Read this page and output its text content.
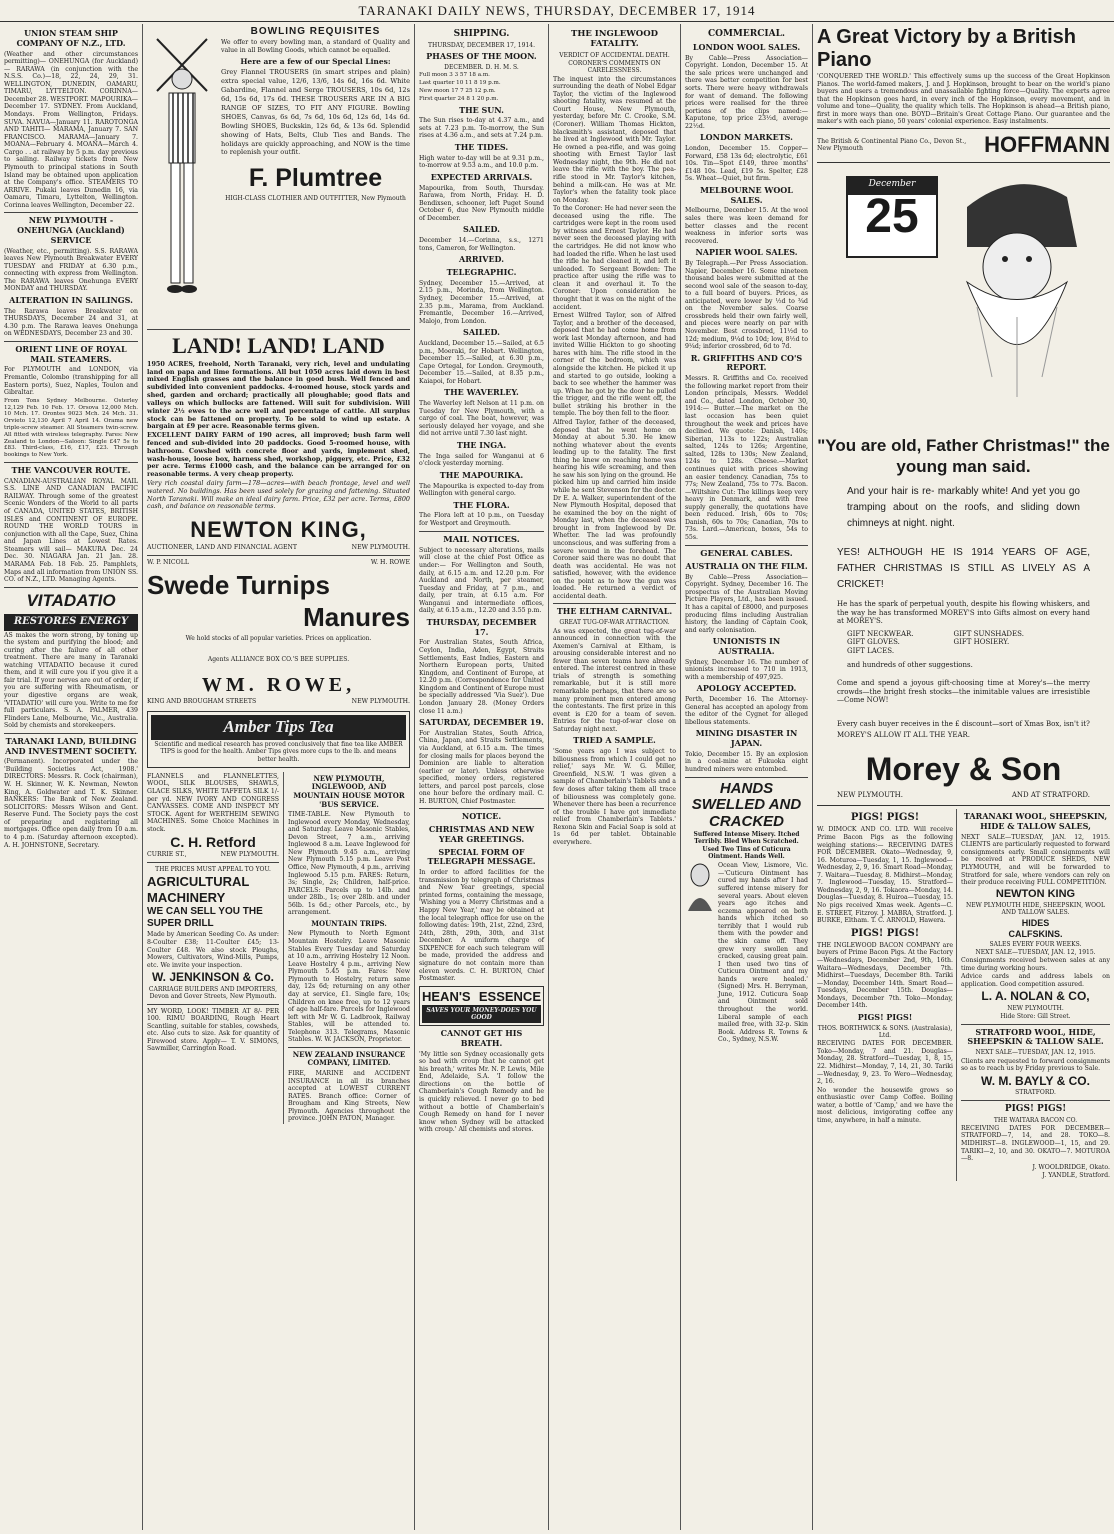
TARANAKI DAILY NEWS, THURSDAY, DECEMBER 17, 1914
UNION STEAM SHIP COMPANY OF N.Z., LTD.
(Weather and other circumstances permitting)— ONEHUNGA (for Auckland)— RARAWA (in conjunction with the N.S.S. Co.)—18, 22, 24, 29, 31. WELLINGTON, DUNEDIN, OAMARU, TIMARU, LYTTELTON. CORINNA—December 28. WESTPORT. MAPOURIKA—December 17. SYDNEY. From Auckland, Mondays. From Wellington, Fridays. SUVA. NAVUA—January 11. RAROTONGA AND TAHITI— MARAMA, January 7. SAN FRANCISCO. MARAMA—January 7. MOANA—February 4. MOANA—March 4. Cargo . . at railway by 5 p.m. day previous to sailing. Railway tickets from New Plymouth to principal stations in South Island may be obtained upon application at the Company's office. STEAMERS TO ARRIVE. Pukaki leaves Dunedin 16, via Oamaru, Timaru, Lyttelton, Wellington. Corinna leaves Wellington, December 22.
NEW PLYMOUTH - ONEHUNGA (Auckland) SERVICE
(Weather, etc., permitting). S.S. RARAWA leaves New Plymouth Breakwater EVERY TUESDAY and FRIDAY at 6.30 p.m., connecting with express from Wellington. The RARAWA leaves Onehunga EVERY MONDAY and THURSDAY.
ALTERATION IN SAILINGS.
The Rarawa leaves Breakwater on THURSDAYS, December 24 and 31, at 4.30 p.m. The Rarawa leaves Onehunga on WEDNESDAYS, December 23 and 30.
ORIENT LINE OF ROYAL MAIL STEAMERS.
For PLYMOUTH and LONDON, via Fremantle, Colombo (transhipping for all Eastern ports), Suez, Naples, Toulon and Gibraltar.
From Tons Sydney Melbourne. Osterley 12,129 Feb. 10 Feb. 17. Orsova 12,000 Mch. 10 Mch. 17. Orontes 9023 Mch. 24 Mch. 31. Orvieto 12,130 April 7 April 14. Orama new triple-screw steamer. All Steamers twin-screw. All fitted with wireless telegraphy. Fares: New Zealand to London—Saloon: Single £47 5s to £83. Third-class, £16, £17, £23. Through bookings to New York.
THE VANCOUVER ROUTE.
CANADIAN-AUSTRALIAN ROYAL MAIL S.S. LINE AND CANADIAN PACIFIC RAILWAY. Through some of the greatest Scenic Wonders of the World to all parts of CANADA, UNITED STATES, BRITISH ISLES and CONTINENT OF EUROPE. ROUND THE WORLD TOURS in conjunction with all the Cape, Suez, China and Japan Lines at Lowest Rates. Steamers will sail— MAKURA Dec. 24 Dec. 30. NIAGARA Jan. 21 Jan. 28. MARAMA Feb. 18 Feb. 25. Pamphlets, Maps and all information from UNION SS. CO. of N.Z., LTD. Managing Agents.
VITADATIO
RESTORES ENERGY
AS makes the worn strong, by toning up the system and purifying the blood; and curing after the failure of all other treatment. There are many in Taranaki watching VITADATIO because it cured them, and it will cure you if you give it a fair trial. If your nerves are out of order, if you are suffering with Rheumatism, or your digestive organs are weak, 'VITADATIO' will cure you. Write to me for full particulars. S. A. PALMER, 439 Flinders Lane, Melbourne, Vic., Australia. Sold by chemists and storekeepers.
TARANAKI LAND, BUILDING AND INVESTMENT SOCIETY.
(Permanent). Incorporated under the 'Building Societies Act, 1908.' DIRECTORS: Messrs. R. Cock (chairman), W. H. Skinner, W. K. Newman, Newton King, A. Goldwater and T. K. Skinner. BANKERS: The Bank of New Zealand. SOLICITORS: Messrs Wilson and Gent. Reserve Fund. The Society pays the cost of preparing and registering all mortgages. Office open daily from 10 a.m. to 4 p.m. (Saturday afternoon excepted). A. H. JOHNSTONE, Secretary.
BOWLING REQUISITES
We offer to every bowling man, a standard of Quality and value in all Bowling Goods, which cannot be equalled.
Here are a few of our Special Lines:
Grey Flannel TROUSERS (in smart stripes and plain) extra special value, 12/6, 13/6, 14s 6d, 16s 6d. White Gabardine, Flannel and Serge TROUSERS, 10s 6d, 12s 6d, 15s 6d, 17s 6d. THESE TROUSERS ARE IN A BIG RANGE OF SIZES, TO FIT ANY FIGURE. Bowling SHOES, Canvas, 6s 6d, 7s 6d, 10s 6d, 12s 6d, 14s 6d. Bowling SHOES, Buckskin, 12s 6d, & 13s 6d. Splendid showing of Hats, Belts, Club Ties and Bands. The holidays are quickly approaching, and NOW is the time to replenish your outfit.
F. Plumtree
HIGH-CLASS CLOTHIER AND OUTFITTER, New Plymouth
LAND! LAND! LAND
1950 ACRES, freehold, North Taranaki, very rich, level and undulating land on papa and lime formations. All but 1050 acres laid down in best mixed English grasses and the balance in good bush. Well fenced and subdivided into convenient paddocks. 4-roomed house, stock yards and shed, garden and orchard; practically all ploughable; good flats and valleys on which bullocks are fattened. Will suit for subdivision. Will winter 2½ ewes to the acre well and percentage of cattle. All surplus stock can be fattened on property. To be sold to wind up estate. A bargain at £9 per acre. Reasonable terms given.
EXCELLENT DAIRY FARM of 190 acres, all improved; bush farm well fenced and sub-divided into 20 paddocks. Good 5-roomed house, with bathroom. Cowshed with concrete floor and yards, implement shed, wash-house, loose box, harness shed, workshop, piggery, etc. Price, £32 per acre. Terms £1000 cash, and the balance can be arranged for on reasonable terms. A very cheap property.
Very rich coastal dairy farm—178—acres—with beach frontage, level and well watered. No buildings. Has been used solely for grazing and fattening. Situated North Taranaki. Will make an ideal dairy farm. Price, £32 per acre. Terms, £800 cash, and balance on reasonable terms.
NEWTON KING,
AUCTIONEER, LAND AND FINANCIAL AGENT	NEW PLYMOUTH.
W. P. NICOLL	W. H. ROWE
Swede Turnips
Manures
We hold stocks of all popular varieties. Prices on application.
Agents ALLIANCE BOX CO.'S BEE SUPPLIES.
WM. ROWE,
KING AND BROUGHAM STREETS	NEW PLYMOUTH.
Amber Tips Tea
Scientific and medical research has proved conclusively that fine tea like AMBER TIPS is good for the health. Amber Tips gives more cups to the lb. and means better health.
FLANNELS and FLANNELETTES, WOOL, SILK BLOUSES, SHAWLS, GLACE SILKS, WHITE TAFFETA SILK 1/- per yd. NEW IVORY AND CONGRESS CANVASSES. COME AND INSPECT MY STOCK. Agent for WERTHEIM SEWING MACHINES. Some Choice Machines in stock.
C. H. Retford
CURRIE ST.,	NEW PLYMOUTH.
THE PRICES MUST APPEAL TO YOU.
AGRICULTURAL MACHINERY
WE CAN SELL YOU THE SUPER DRILL
Made by American Seeding Co. As under: 8-Coulter £38; 11-Coulter £45; 13-Coulter £48. We also stock Ploughs, Mowers, Cultivators, Wind-Mills, Pumps, etc. We invite your inspection.
W. JENKINSON & Co.
CARRIAGE BUILDERS AND IMPORTERS, Devon and Gover Streets, New Plymouth.
MY WORD, LOOK! TIMBER AT 8/- PER 100. RIMU BOARDING, Rough Heart Scantling, suitable for stables, cowsheds, etc. Also cuts to size. Ask for quantity of Firewood store. Apply— T. V. SIMONS, Sawmiller, Carrington Road.
NEW PLYMOUTH, INGLEWOOD, AND MOUNTAIN HOUSE MOTOR 'BUS SERVICE.
TIME-TABLE. New Plymouth to Inglewood every Monday, Wednesday, and Saturday. Leave Masonic Stables, Devon Street, 7 a.m., arriving Inglewood 8 a.m. Leave Inglewood for New Plymouth 9.45 a.m., arriving New Plymouth 5.15 p.m. Leave Post Office, New Plymouth, 4 p.m., arriving Inglewood 5.15 p.m. FARES: Return, 3s; Single, 2s; Children, half-price. PARCELS: Parcels up to 14lb. and under 28lb., 1s; over 28lb. and under 56lb. 1s 6d.; other Parcels, etc., by arrangement.
MOUNTAIN TRIPS.
New Plymouth to North Egmont Mountain Hostelry. Leave Masonic Stables Every Tuesday and Saturday at 10 a.m., arriving Hostelry 12 Noon. Leave Hostelry 4 p.m., arriving New Plymouth 5.45 p.m. Fares: New Plymouth to Hostelry, return same day, 12s 6d; returning on any other day at service, £1. Single fare, 10s; Children on knee free, up to 12 years of age half-fare. Parcels for Inglewood left with Mr W. G. Ladbrook, Railway Stables, will be attended to. Telephone 313. Telegrams, Masonic Stables. W. W. JACKSON, Proprietor.
NEW ZEALAND INSURANCE COMPANY, LIMITED.
FIRE, MARINE and ACCIDENT INSURANCE in all its branches accepted at LOWEST CURRENT RATES. Branch office: Corner of Brougham and King Streets, New Plymouth. Agencies throughout the province. JOHN PATON, Manager.
SHIPPING.
THURSDAY, DECEMBER 17, 1914.
PHASES OF THE MOON.
DECEMBER. D. H. M. S.
Full moon 3 3 57 18 a.m.
Last quarter 10 11 8 19 p.m.
New moon 17 7 25 12 p.m.
First quarter 24 8 1 20 p.m.
THE SUN.
The Sun rises to-day at 4.37 a.m., and sets at 7.23 p.m. To-morrow, the Sun rises at 4.36 a.m., and sets at 7.24 p.m.
THE TIDES.
High water to-day will be at 9.31 p.m., to-morrow at 9.53 a.m., and 10.0 p.m.
EXPECTED ARRIVALS.
Mapourika, from South, Thursday. Rarawa, from North, Friday. H. D. Bendixsen, schooner, left Puget Sound October 6, due New Plymouth middle of December.
SAILED.
December 14.—Corinna, s.s., 1271 tons, Cameron, for Wellington.
ARRIVED.
TELEGRAPHIC.
Sydney, December 15.—Arrived, at 2.15 p.m., Morinda, from Wellington. Sydney, December 15.—Arrived, at 2.35 p.m., Marama, from Auckland. Fremantle, December 16.—Arrived, Malojo, from London.
SAILED.
Auckland, December 15.—Sailed, at 6.5 p.m., Moeraki, for Hobart. Wellington, December 15.—Sailed, at 6.30 p.m., Cape Ortegal, for London. Greymouth, December 15.—Sailed, at 8.35 p.m., Kaiapoi, for Hobart.
THE WAVERLEY.
The Waverley left Nelson at 11 p.m. on Tuesday for New Plymouth, with a cargo of coal. The boat, however, was seriously delayed her voyage, and she did not arrive until 7.30 last night.
THE INGA.
The Inga sailed for Wanganui at 6 o'clock yesterday morning.
THE MAPOURIKA.
The Mapourika is expected to-day from Wellington with general cargo.
THE FLORA.
The Flora left at 10 p.m., on Tuesday for Westport and Greymouth.
MAIL NOTICES.
Subject to necessary alterations, mails will close at the chief Post Office as under:— For Wellington and South, daily, at 6.15 a.m. and 12.20 p.m. For Auckland and North, per steamer, Tuesday and Friday, at 7 p.m., and daily, per train, at 6.15 a.m. For Wanganui and intermediate offices, daily, at 6.15 a.m., 12.20 and 3.55 p.m.
THURSDAY, DECEMBER 17.
For Australian States, South Africa, Ceylon, India, Aden, Egypt, Straits Settlements, East Indies, Eastern and Northern European ports, United Kingdom, and Continent of Europe, at 12.20 p.m. (Correspondence for United Kingdom and Continent of Europe must be specially addressed 'Via Suez'). Due London January 28. (Money Orders close 11 a.m.)
SATURDAY, DECEMBER 19.
For Australian States, South Africa, China, Japan, and Straits Settlements, via Auckland, at 6.15 a.m. The times for closing mails for places beyond the Dominion are liable to alteration (earlier or later). Unless otherwise specified, money orders, registered letters, and parcel post parcels, close one hour before the ordinary mail. C. H. BURTON, Chief Postmaster.
NOTICE.
CHRISTMAS AND NEW YEAR GREETINGS.
SPECIAL FORM OF TELEGRAPH MESSAGE.
In order to afford facilities for the transmission by telegraph of Christmas and New Year greetings, special printed forms, containing the message, 'Wishing you a Merry Christmas and a Happy New Year,' may be obtained at the local telegraph office for use on the following dates: 19th, 21st, 22nd, 23rd, 24th, 28th, 29th, 30th, and 31st December. A uniform charge of SIXPENCE for each such telegram will be made, provided the address and signature do not contain more than eleven words. C. H. BURTON, Chief Postmaster.
HEAN'S ESSENCE
SAVES YOUR MONEY-DOES YOU GOOD
CANNOT GET HIS BREATH.
'My little son Sydney occasionally gets so bad with croup that he cannot get his breath,' writes Mr. N. P. Lewis, Mile End, Adelaide, S.A. 'I follow the directions on the bottle of Chamberlain's Cough Remedy and he is quickly relieved. I never go to bed without a bottle of Chamberlain's Cough Remedy on hand for I never know when Sydney will be attacked with croup.' All chemists and stores.
THE INGLEWOOD FATALITY.
VERDICT OF ACCIDENTAL DEATH.
CORONER'S COMMENTS ON CARELESSNESS.
The inquest into the circumstances surrounding the death of Nobel Edgar Taylor, the victim of the Inglewood shooting fatality, was resumed at the Court House, New Plymouth, yesterday, before Mr. C. Crooke, S.M. (Coroner). William Thomas Hickton, blacksmith's assistant, deposed that he lived at Inglewood with Mr. Taylor. He owned a pea-rifle, and was going shooting with Ernest Taylor last Wednesday night, the 9th. He did not leave the rifle with the boy. The pea-rifle stood in Mr. Taylor's kitchen, behind a milk-can. He was at Mr. Taylor's when the fatality took place on Monday.
To the Coroner: He had never seen the deceased using the rifle. The cartridges were kept in the room used by witness and Ernest Taylor. He had never seen the deceased playing with the cartridges. He did not know who had loaded the rifle. When he last used the rifle he had cleaned it, and left it unloaded. To Sergeant Bowden: The practice after using the rifle was to clean it and overhaul it. To the Coroner: Upon consideration he thought that it was on the night of the accident.
Ernest Wilfred Taylor, son of Alfred Taylor, and a brother of the deceased, deposed that he had come home from work last Monday afternoon, and had invited Willie Hickton to go shooting hares with him. The rifle stood in the corner of the bedroom, which was alongside the kitchen. He picked it up and started to go outside, looking a back to see whether the hammer was up. When he got by the door he pulled the trigger, and the rifle went off, the bullet striking his brother in the temple. The boy then fell to the floor.
Alfred Taylor, father of the deceased, deposed that he went home on Monday at about 5.30. He knew nothing whatever about the events leading up to the fatality. The first thing he knew on reaching home was hearing his wife screaming, and then he saw his son lying on the ground. He picked him up and carried him inside while he sent Stevenson for the doctor. Dr E. A. Walker, superintendent of the New Plymouth Hospital, deposed that he examined the boy on the night of Monday last, when the deceased was brought in from Inglewood by Dr. Whetter. The lad was profoundly unconscious, and was suffering from a severe wound in the forehead. The Coroner said there was no doubt that death was accidental. He was not satisfied, however, with the evidence on the point as to how the gun was loaded. He returned a verdict of accidental death.
THE ELTHAM CARNIVAL.
GREAT TUG-OF-WAR ATTRACTION.
As was expected, the great tug-of-war announced in connection with the Axemen's Carnival at Eltham, is arousing considerable interest and no fewer than seven teams have already entered. The interest centred in these trials of strength is something remarkable, but it is still more remarkable perhaps, that there are so many prominent men entered among the contestants. The first prize in this event is £20 for a team of seven. Entries for the tug-of-war close on Saturday night next.
TRIED A SAMPLE.
'Some years ago I was subject to biliousness from which I could get no relief,' says Mr. W. G. Miller, Greenfield, N.S.W. 'I was given a sample of Chamberlain's Tablets and a few doses after taking them all trace of biliousness was completely gone. Whenever there has been a recurrence of the trouble I have got immediate relief from Chamberlain's Tablets.' Rexona Skin and Facial Soap is sold at 1s 6d per tablet. Obtainable everywhere.
COMMERCIAL.
LONDON WOOL SALES.
By Cable—Press Association—Copyright. London, December 15. At the sale prices were unchanged and there was better competition for best sorts. There were heavy withdrawals for want of demand. The following prices were realised for the three portions of the clips named:— Kaputone, top price 23½d, average 22½d.
LONDON MARKETS.
London, December 15. Copper—Forward, £58 13s 6d; electrolytic, £61 10s. Tin—Spot £149, three months' £148 10s. Lead, £19 5s. Spelter, £28 5s. Wheat—Quiet, but firm.
MELBOURNE WOOL SALES.
Melbourne, December 15. At the wool sales there was keen demand for better classes and the recent weakness in inferior sorts was recovered.
NAPIER WOOL SALES.
By Telegraph.—Per Press Association. Napier, December 16. Some nineteen thousand bales were submitted at the second wool sale of the season to-day, to a full board of buyers. Prices, as anticipated, were lower by ½d to ¾d on the November sales. Coarse crossbreds held their own fairly well, and pieces were nearly on par with November. Best crossbred, 11½d to 12d; medium, 9¼d to 10d; low, 8½d to 9¼d; inferior crossbred, 6d to 7d.
R. GRIFFITHS AND CO'S REPORT.
Messrs. R. Griffiths and Co. received the following market report from their London principals, Messrs. Weddel and Co., dated London, October 30, 1914:— Butter.—The market on the last occasion has been quiet throughout the week and prices have declined. We quote: Danish, 140s; Siberian, 113s to 122s; Australian salted, 124s to 126s; Argentine, salted, 128s to 130s; New Zealand, 124s to 128s. Cheese.—Market continues quiet with prices showing an easier tendency. Canadian, 75s to 77s; New Zealand, 75s to 77s. Bacon.—Wiltshire Cut: The killings keep very heavy in Denmark, and with free supply generally, the quotations have been reduced. Irish, 60s to 70s; Danish, 60s to 70s; Canadian, 70s to 73s. Lard.—American, boxes, 54s to 55s.
GENERAL CABLES.
AUSTRALIA ON THE FILM.
By Cable—Press Association—Copyright. Sydney, December 16. The prospectus of the Australian Moving Picture Players, Ltd., has been issued. It has a capital of £8000, and purposes producing films including Australian history, the landing of Captain Cook, and early colonisation.
UNIONISTS IN AUSTRALIA.
Sydney, December 16. The number of unionists increased to 710 in 1913, with a membership of 497,925.
APOLOGY ACCEPTED.
Perth, December 16. The Attorney-General has accepted an apology from the editor of the Cygnet for alleged libellous statements.
MINING DISASTER IN JAPAN.
Tokio, December 15. By an explosion in a coal-mine at Fukuoka eight hundred miners were entombed.
HANDS SWELLED AND CRACKED
Suffered Intense Misery. Itched Terribly. Bled When Scratched. Used Two Tins of Cuticura Ointment. Hands Well.
Ocean View, Lismore, Vic.—'Cuticura Ointment has cured my hands after I had suffered intense misery for several years. About eleven years ago itches and eczema appeared on both hands which itched so terribly that I would rub them with the powder and the skin came off. They grew very swollen and cracked, causing great pain. I then used two tins of Cuticura Ointment and my hands were healed.' (Signed) Mrs. H. Berryman, June, 1912. Cuticura Soap and Ointment sold throughout the world. Liberal sample of each mailed free, with 32-p. Skin Book. Address R. Towns & Co., Sydney, N.S.W.
A Great Victory by a British Piano
'CONQUERED THE WORLD.' This effectively sums up the success of the Great Hopkinson Pianos. The world-famed makers, J. and J. Hopkinson, brought to bear on the world's piano buyers and users a tremendous and unassailable fighting force—Quality. The experts agree that the Hopkinson goes hard, in every inch of the Hopkinson, every movement, and in volume and tone—Quality, the quality which tells. The Hopkinson is ahead—a British piano, first in more ways than one. BOYD—Britain's Great Cottage Piano. Our guarantee and the maker's with each piano, 50 years' colonial experience. Easy instalments.
The British & Continental Piano Co., Devon St., New Plymouth	HOFFMANN
December
25
"You are old, Father Christmas!" the young man said.
And your hair is re- markably white! And yet you go tramping about on the roofs, and sliding down chimneys at night. night.
YES! ALTHOUGH HE IS 1914 YEARS OF AGE, FATHER CHRISTMAS IS STILL AS LIVELY AS A CRICKET!
He has the spark of perpetual youth, despite his flowing whiskers, and the way he has transformed MOREY'S into Gifts almost on every hand at MOREY'S.
GIFT NECKWEAR.
GIFT GLOVES.
GIFT LACES.
GIFT SUNSHADES.
GIFT HOSIERY.
and hundreds of other suggestions.
Come and spend a joyous gift-choosing time at Morey's—the merry crowds—the bright fresh stocks—the inimitable values are irresistible—Come NOW!
Every cash buyer receives in the £ discount—sort of Xmas Box, isn't it?
MOREY'S ALLOW IT ALL THE YEAR.
Morey & Son
NEW PLYMOUTH.	AND AT STRATFORD.
PIGS! PIGS!
W. DIMOCK AND CO. LTD. Will receive Prime Bacon Pigs as the following weighing stations:— RECEIVING DATES FOR DECEMBER. Okato—Wednesday, 9, 16. Moturoa—Tuesday, 1, 15. Inglewood—Wednesday, 2, 9, 16. Smart Road—Monday, 7. Waitara—Tuesday, 8. Midhirst—Monday, 7. Inglewood—Tuesday, 15. Stratford—Wednesday, 2, 9, 16. Tokaora—Monday, 14. Douglas—Tuesday, 8. Huiroa—Tuesday, 15. No pigs received Xmas week. Agents—C. E. STREET, Fitzroy. J. MABRA, Stratford. J. BURKE, Eltham. T. C. ARNOLD, Hawera.
PIGS! PIGS!
THE INGLEWOOD BACON COMPANY are buyers of Prime Bacon Pigs. At the Factory—Wednesdays, December 2nd, 9th, 16th. Waitara—Wednesdays, December 7th. Midhirst—Tuesdays, December 8th. Tariki—Monday, December 14th. Smart Road—Tuesdays, December 15th. Douglas—Mondays, December 7th. Toko—Monday, December 14th.
PIGS! PIGS!
THOS. BORTHWICK & SONS. (Australasia), Ltd.
RECEIVING DATES FOR DECEMBER. Toko—Monday, 7 and 21. Douglas—Monday, 28. Stratford—Tuesday, 1, 8, 15, 22. Midhirst—Monday, 7, 14, 21, 30. Tariki—Wednesday, 9, 23. To Wero—Wednesday, 2, 16.
No wonder the housewife grows so enthusiastic over Camp Coffee. Boiling water, a bottle of 'Camp,' and we have the most delicious, invigorating coffee any time, anywhere, in half a minute.
TARANAKI WOOL, SHEEPSKIN, HIDE & TALLOW SALES,
NEXT SALE—TUESDAY, JAN. 12, 1915. CLIENTS are particularly requested to forward consignments early. Small consignments will be received at PRODUCE SHEDS, NEW PLYMOUTH, and will be forwarded to Stratford for sale, where vendors can rely on their produce receiving FULL COMPETITION.
NEWTON KING
NEW PLYMOUTH HIDE, SHEEPSKIN, WOOL AND TALLOW SALES.
HIDES
CALFSKINS.
SALES EVERY FOUR WEEKS.
NEXT SALE—TUESDAY, JAN. 12, 1915.
Consignments received between sales at any time during working hours.
Advice cards and address labels on application. Good competition assured.
L. A. NOLAN & CO,
NEW PLYMOUTH.
Hide Store: Gill Street.
STRATFORD WOOL, HIDE, SHEEPSKIN & TALLOW SALE.
NEXT SALE—TUESDAY, JAN. 12, 1915.
Clients are requested to forward consignments so as to reach us by Friday previous to Sale.
W. M. BAYLY & CO.
STRATFORD.
PIGS! PIGS!
THE WAITARA BACON CO.
RECEIVING DATES FOR DECEMBER— STRATFORD—7, 14, and 28. TOKO—8. MIDHIRST—8. INGLEWOOD—1, 15, and 29. TARIKI—2, 10, and 30. OKATO—7. MOTUROA—8.
J. WOOLDRIDGE, Okato.
J. YANDLE, Stratford.
